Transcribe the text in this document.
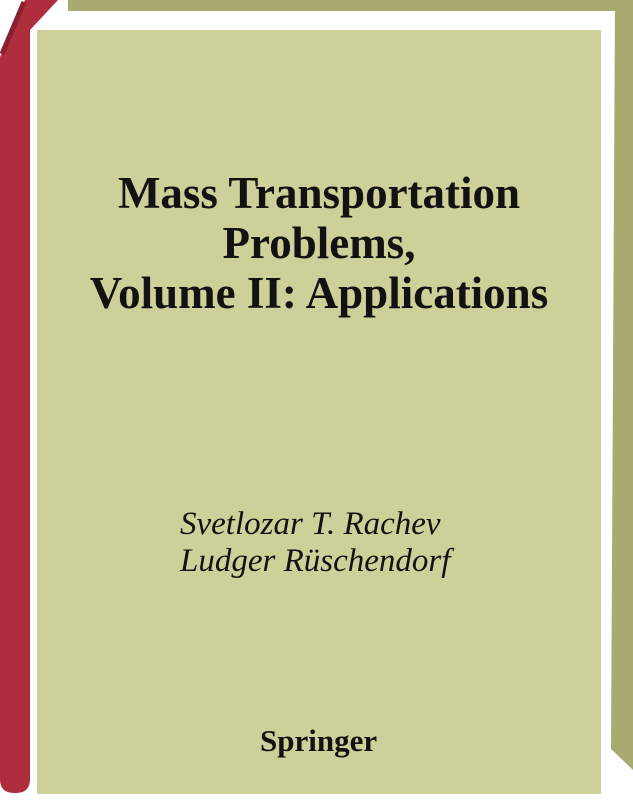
Mass Transportation
Problems,
Volume II: Applications
Svetlozar T. Rachev
Ludger Rüschendorf
Springer
